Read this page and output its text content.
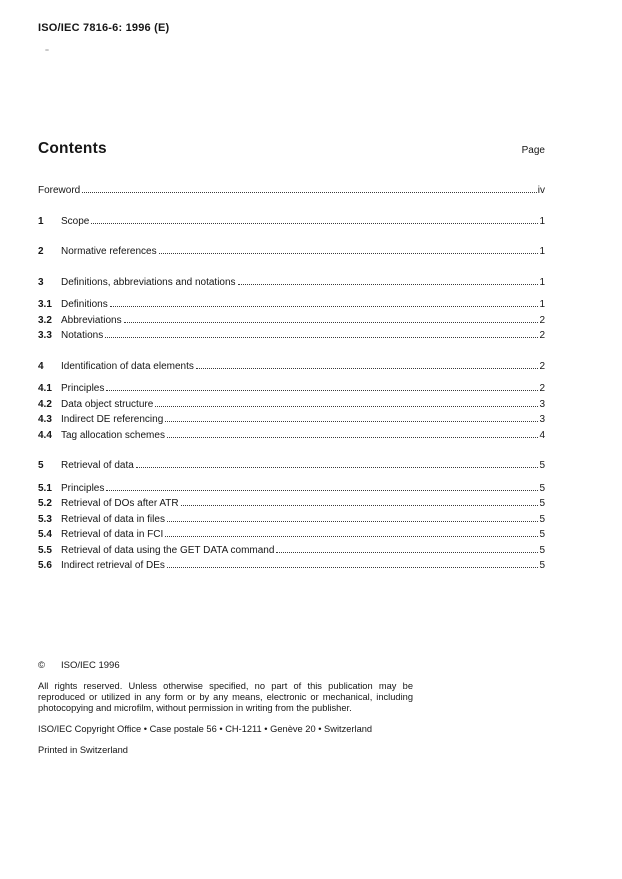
ISO/IEC 7816-6: 1996 (E)
Contents	Page
Foreword	iv
1	Scope	1
2	Normative references	1
3	Definitions, abbreviations and notations	1
3.1 Definitions	1
3.2 Abbreviations	2
3.3 Notations	2
4	Identification of data elements	2
4.1 Principles	2
4.2 Data object structure	3
4.3 Indirect DE referencing	3
4.4 Tag allocation schemes	4
5	Retrieval of data	5
5.1 Principles	5
5.2 Retrieval of DOs after ATR	5
5.3 Retrieval of data in files	5
5.4 Retrieval of data in FCI	5
5.5 Retrieval of data using the GET DATA command	5
5.6 Indirect retrieval of DEs	5
© ISO/IEC 1996
All rights reserved. Unless otherwise specified, no part of this publication may be reproduced or utilized in any form or by any means, electronic or mechanical, including photocopying and microfilm, without permission in writing from the publisher.
ISO/IEC Copyright Office • Case postale 56 • CH-1211 • Genève 20 • Switzerland
Printed in Switzerland
